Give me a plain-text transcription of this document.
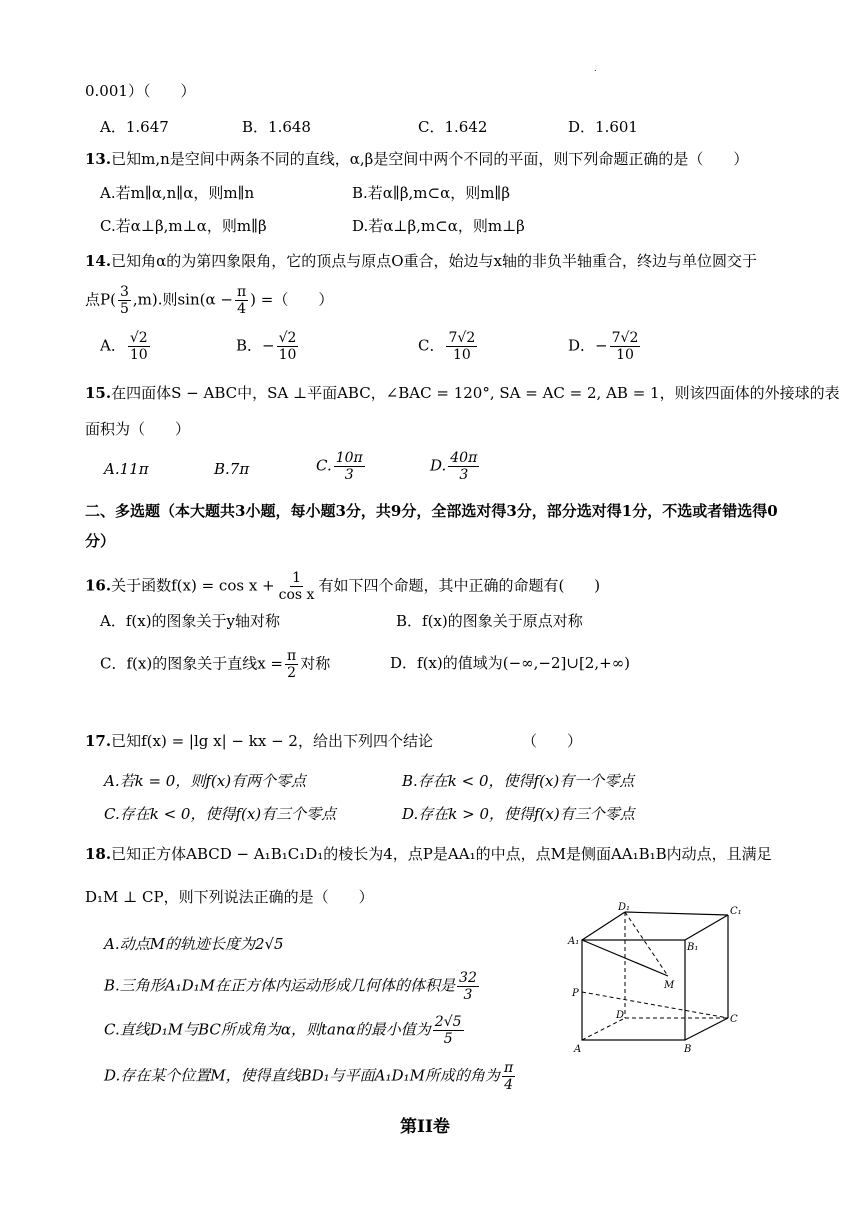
.
0.001）（　　）
A．1.647	B．1.648	C．1.642	D．1.601
13.已知m,n是空间中两条不同的直线，α,β是空间中两个不同的平面，则下列命题正确的是（　　）
A.若m∥α,n∥α，则m∥n	B.若α∥β,m⊂α，则m∥β
C.若α⊥β,m⊥α，则m∥β	D.若α⊥β,m⊂α，则m⊥β
14.已知角α的为第四象限角，它的顶点与原点O重合，始边与x轴的非负半轴重合，终边与单位圆交于
点$P( \frac{3}{5} ,m)$.则$\sin(\alpha - \frac{\pi}{4}$ ) =（　　）
A． $\frac{√2}{10}$	B．− $\frac{√2}{10}$	C． $\frac{7√2}{10}$	D．− $\frac{7√2}{10}$
15.在四面体S − ABC中，SA ⊥平面ABC，∠BAC = 120°, SA = AC = 2, AB = 1，则该四面体的外接球的表
面积为（　　）
A.11π	B.7π	C. $\frac{10\pi}{3}$	D. $\frac{40\pi}{3}$
二、多选题（本大题共3小题，每小题3分，共9分，全部选对得3分，部分选对得1分，不选或者错选得0分）
16.关于函数$f(x) = \cos x + \frac{1}{\text{cos x}}$ 有如下四个命题，其中正确的命题有(　　)
A．f(x)的图象关于y轴对称	B．f(x)的图象关于原点对称
C．f(x)的图象关于直线$x = \frac{\pi}{2}$ 对称	D．f(x)的值域为(−∞,−2]∪[2,+∞)
17.已知f(x) = |lg x| − kx − 2，给出下列四个结论	（　　）
A.若k = 0，则f(x)有两个零点	B.存在k < 0，使得f(x)有一个零点
C.存在k < 0，使得f(x)有三个零点	D.存在k > 0，使得f(x)有三个零点
18.已知正方体ABCD − A₁B₁C₁D₁的棱长为4，点P是AA₁的中点，点M是侧面AA₁B₁B内动点，且满足
D₁M ⊥ CP，则下列说法正确的是（　　）
A.动点M的轨迹长度为2√5
B.三角形A₁D₁M在正方体内运动形成几何体的体积是 $\frac{32}{3}$
C.直线D₁M与BC所成角为α，则tanα的最小值为 $\frac{2√5}{5}$
D.存在某个位置M，使得直线BD₁与平面A₁D₁M所成的角为 $\frac{\pi}{4}$
D₁	C₁
A₁
B₁
P
D	C
A	B
M
第II卷
